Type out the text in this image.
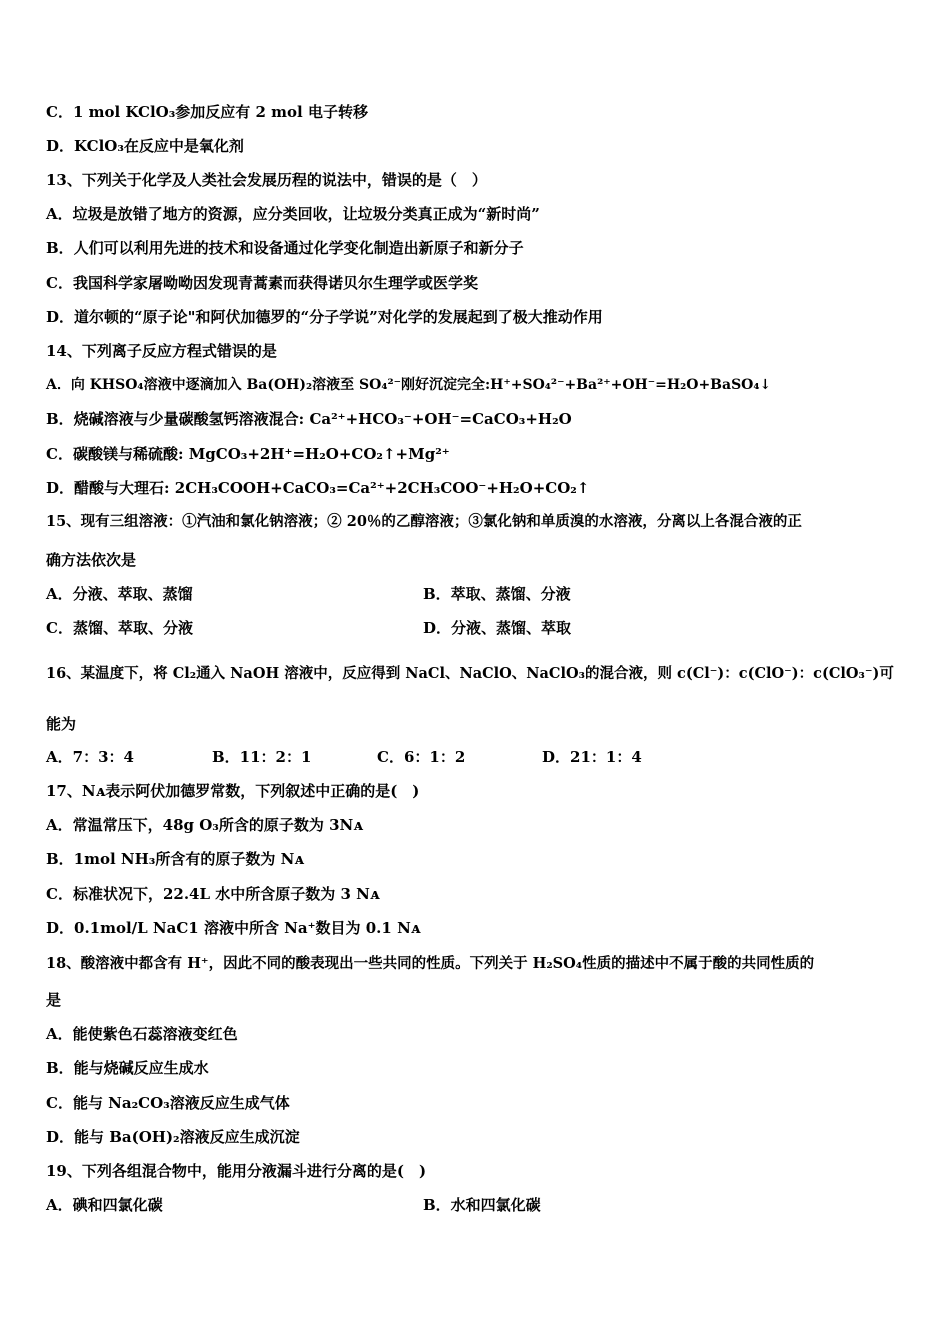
C．1 mol KClO₃参加反应有 2 mol 电子转移
D．KClO₃在反应中是氧化剂
13、下列关于化学及人类社会发展历程的说法中，错误的是（　）
A．垃圾是放错了地方的资源，应分类回收，让垃圾分类真正成为“新时尚”
B．人们可以利用先进的技术和设备通过化学变化制造出新原子和新分子
C．我国科学家屠呦呦因发现青蒿素而获得诺贝尔生理学或医学奖
D．道尔顿的“原子论"和阿伏加德罗的“分子学说”对化学的发展起到了极大推动作用
14、下列离子反应方程式错误的是
A．向 KHSO₄溶液中逐滴加入 Ba(OH)₂溶液至 SO₄²⁻刚好沉淀完全:H⁺+SO₄²⁻+Ba²⁺+OH⁻=H₂O+BaSO₄↓
B．烧碱溶液与少量碳酸氢钙溶液混合: Ca²⁺+HCO₃⁻+OH⁻=CaCO₃+H₂O
C．碳酸镁与稀硫酸: MgCO₃+2H⁺=H₂O+CO₂↑+Mg²⁺
D．醋酸与大理石: 2CH₃COOH+CaCO₃=Ca²⁺+2CH₃COO⁻+H₂O+CO₂↑
15、现有三组溶液：①汽油和氯化钠溶液；② 20％的乙醇溶液；③氯化钠和单质溴的水溶液，分离以上各混合液的正
确方法依次是
A．分液、萃取、蒸馏	B．萃取、蒸馏、分液
C．蒸馏、萃取、分液	D．分液、蒸馏、萃取
16、某温度下，将 Cl₂通入 NaOH 溶液中，反应得到 NaCl、NaClO、NaClO₃的混合液，则 c(Cl⁻)：c(ClO⁻)：c(ClO₃⁻)可
能为
A．7：3：4	B．11：2：1	C．6：1：2	D．21：1：4
17、Nᴀ表示阿伏加德罗常数，下列叙述中正确的是(　)
A．常温常压下，48g O₃所含的原子数为 3Nᴀ
B．1mol NH₃所含有的原子数为 Nᴀ
C．标准状况下，22.4L 水中所含原子数为 3 Nᴀ
D．0.1mol/L NaC1 溶液中所含 Na⁺数目为 0.1 Nᴀ
18、酸溶液中都含有 H⁺，因此不同的酸表现出一些共同的性质。下列关于 H₂SO₄性质的描述中不属于酸的共同性质的
是
A．能使紫色石蕊溶液变红色
B．能与烧碱反应生成水
C．能与 Na₂CO₃溶液反应生成气体
D．能与 Ba(OH)₂溶液反应生成沉淀
19、下列各组混合物中，能用分液漏斗进行分离的是(　)
A．碘和四氯化碳	B．水和四氯化碳
